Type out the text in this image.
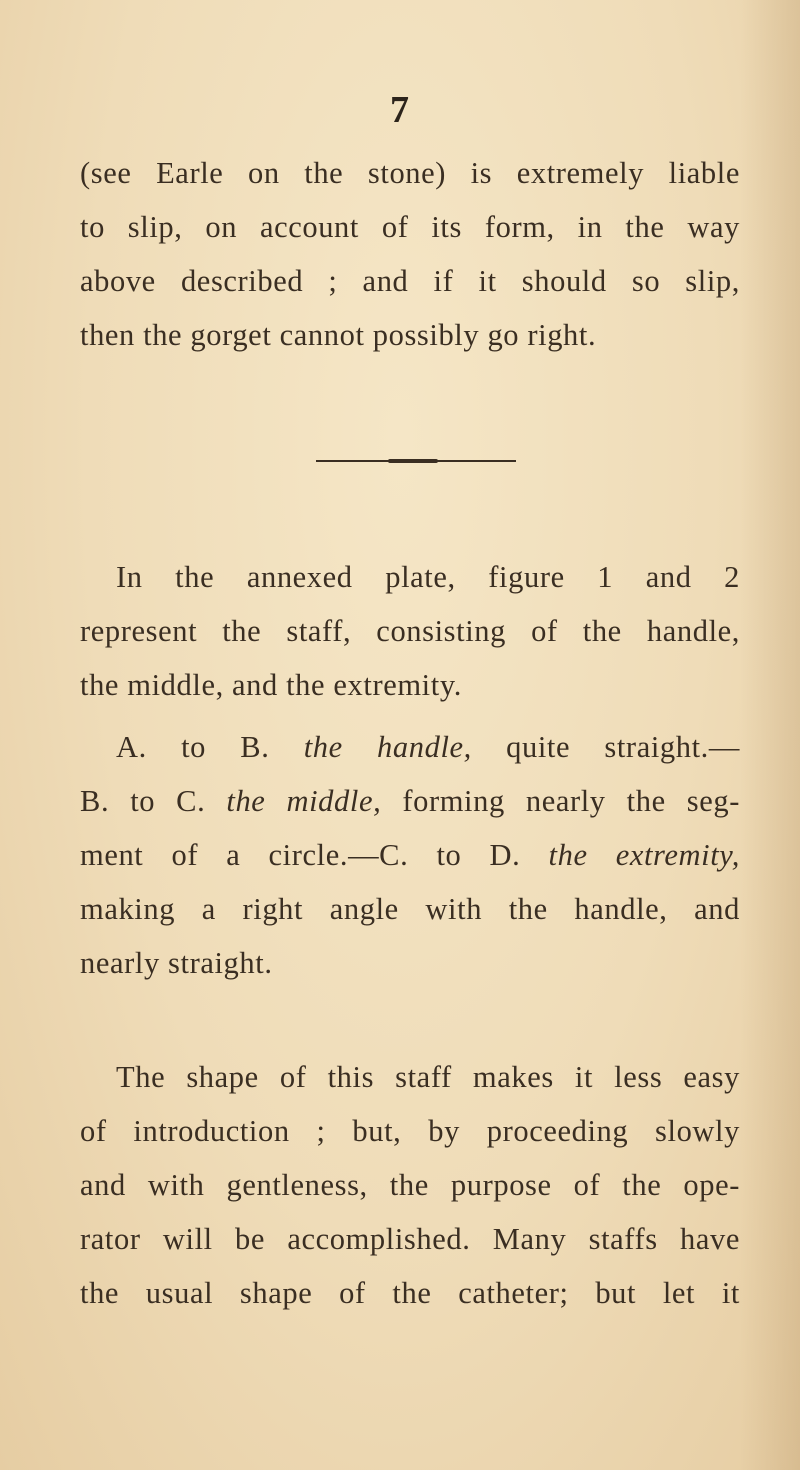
7
(see Earle on the stone) is extremely liable
to slip, on account of its form, in the way
above described ; and if it should so slip,
then the gorget cannot possibly go right.
In the annexed plate, figure 1 and 2
represent the staff, consisting of the handle,
the middle, and the extremity.
A. to B. the handle, quite straight.—
B. to C. the middle, forming nearly the seg-
ment of a circle.—C. to D. the extremity,
making a right angle with the handle, and
nearly straight.
The shape of this staff makes it less easy
of introduction ; but, by proceeding slowly
and with gentleness, the purpose of the ope-
rator will be accomplished. Many staffs have
the usual shape of the catheter; but let it
